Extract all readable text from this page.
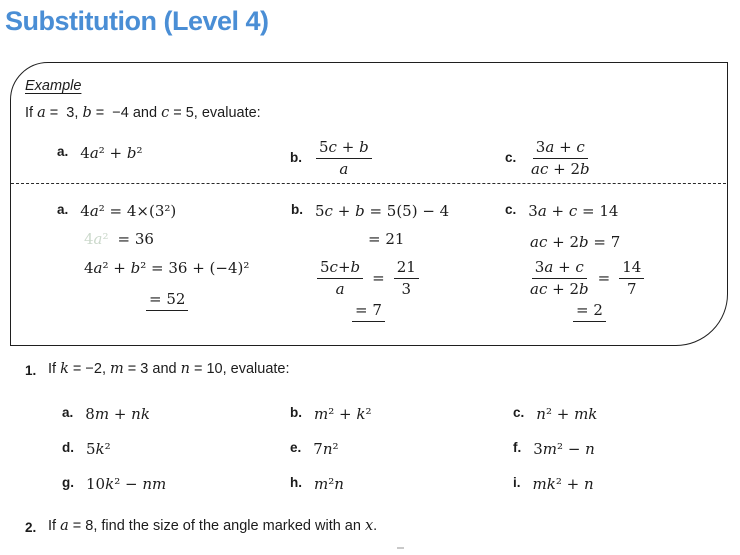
Substitution (Level 4)
Example
If a =  3, b =  −4 and c = 5, evaluate:
a. 4a² + b²	b. $\frac{5c + b}{a}$	c. $\frac{3a + c}{ac + 2b}$
a. 4a² = 4×(3²)
4a² = 36
4a² + b² = 36 + (−4)²
= 52
b. 5c + b = 5(5) − 4
= 21
$\frac{5c+b}{a} = \frac{21}{3}$
= 7
c. 3a + c = 14
ac + 2b = 7
$\frac{3a + c}{ac + 2b} = \frac{14}{7}$
= 2
1. If k = −2, m = 3 and n = 10, evaluate:
a. 8m + nk	b. m² + k²	c. n² + mk
d. 5k²	e. 7n²	f. 3m² − n
g. 10k² − nm	h. m²n	i. mk² + n
2. If a = 8, find the size of the angle marked with an x.
